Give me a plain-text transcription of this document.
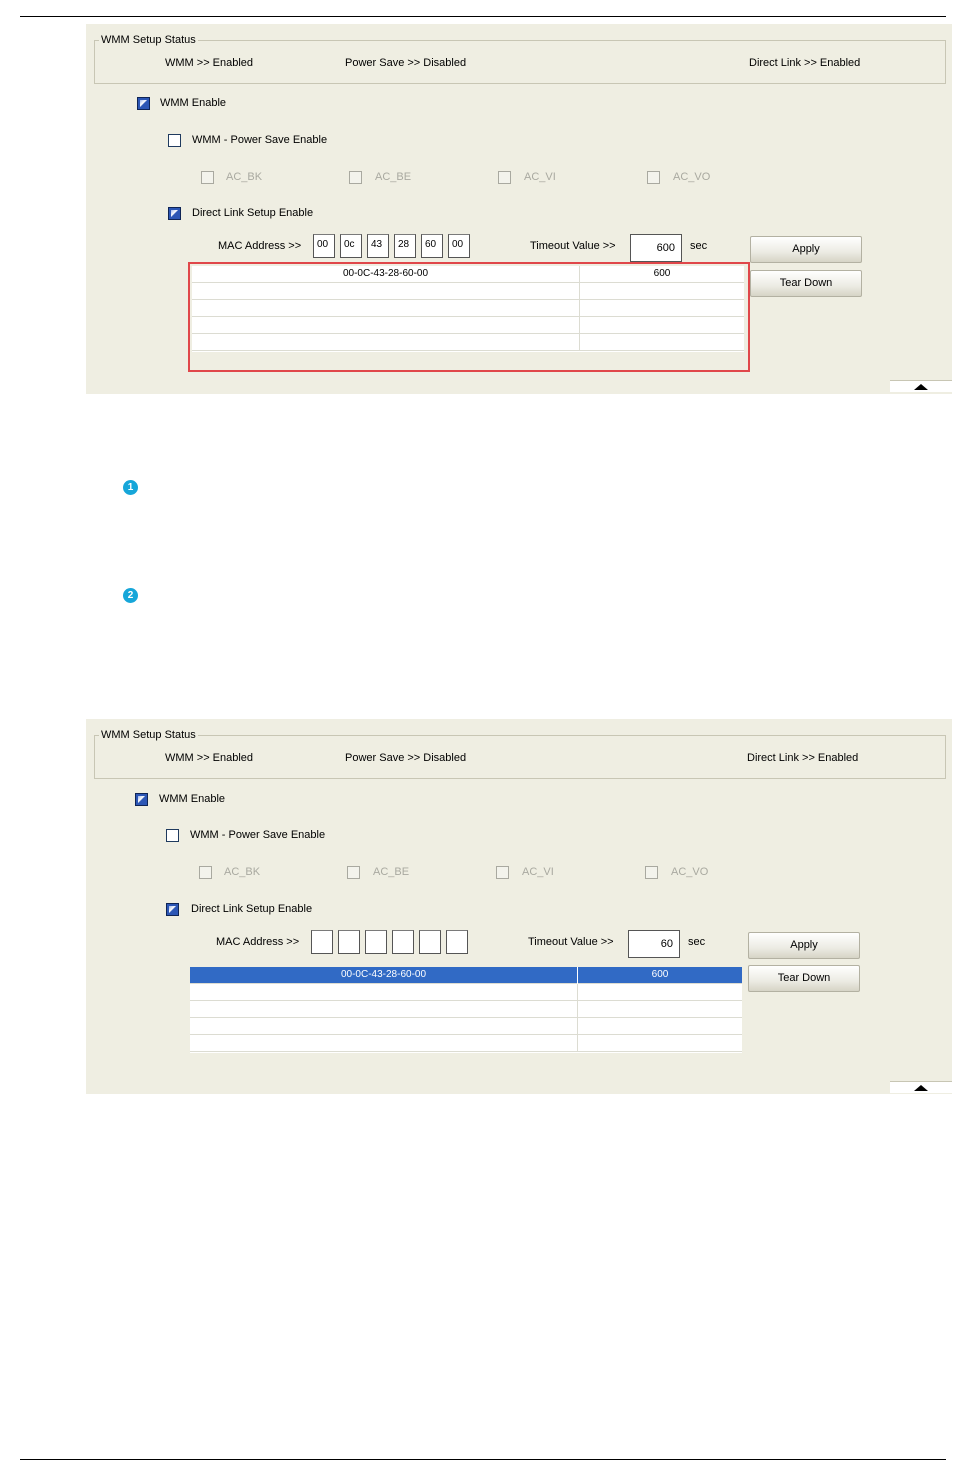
WMM Setup Status
WMM >> Enabled	Power Save >> Disabled	Direct Link >> Enabled
WMM Enable
WMM - Power Save Enable
AC_BK	AC_BE	AC_VI	AC_VO
Direct Link Setup Enable
MAC Address >>	00	0c	43	28	60	00	Timeout Value >>	600	sec	Apply
Tear Down
00-0C-43-28-60-00	600
1
2
WMM Setup Status
WMM >> Enabled	Power Save >> Disabled	Direct Link >> Enabled
WMM Enable
WMM - Power Save Enable
AC_BK	AC_BE	AC_VI	AC_VO
Direct Link Setup Enable
MAC Address >>	Timeout Value >>	60	sec	Apply
Tear Down
00-0C-43-28-60-00	600
